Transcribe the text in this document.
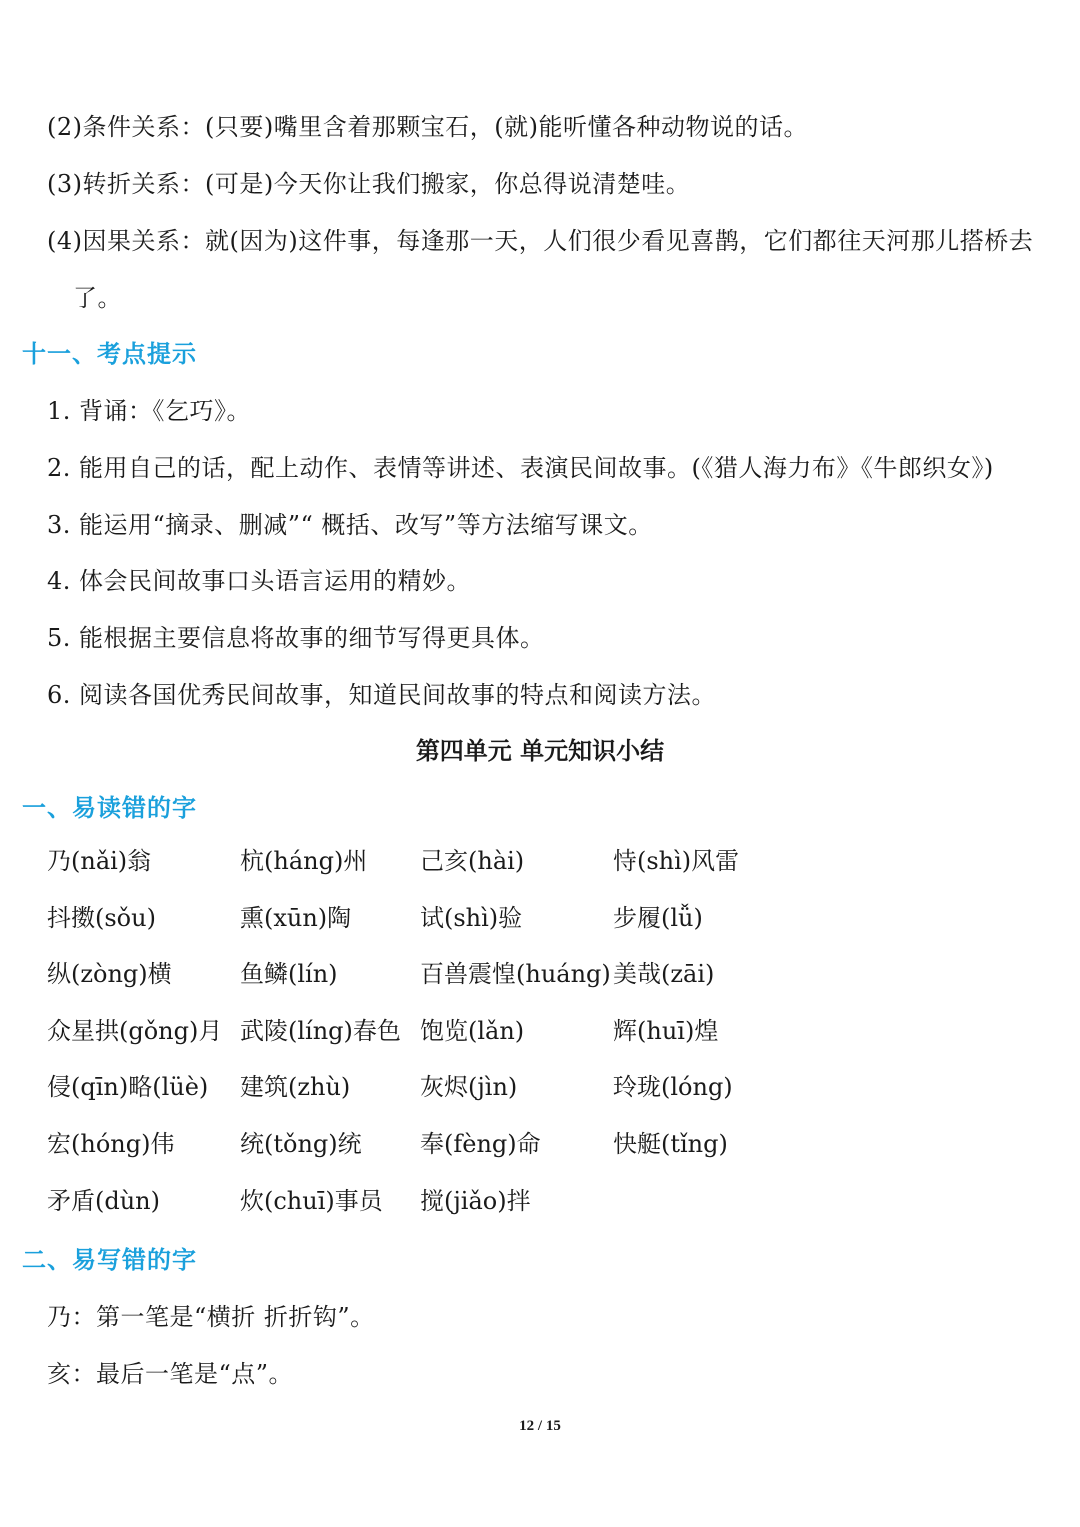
(2)条件关系：(只要)嘴里含着那颗宝石，(就)能听懂各种动物说的话。
(3)转折关系：(可是)今天你让我们搬家，你总得说清楚哇。
(4)因果关系：就(因为)这件事，每逢那一天，人们很少看见喜鹊，它们都往天河那儿搭桥去
了。
十一、考点提示
1. 背诵：《乞巧》。
2. 能用自己的话，配上动作、表情等讲述、表演民间故事。(《猎人海力布》《牛郎织女》)
3. 能运用“摘录、删减”“ 概括、改写”等方法缩写课文。
4. 体会民间故事口头语言运用的精妙。
5. 能根据主要信息将故事的细节写得更具体。
6. 阅读各国优秀民间故事，知道民间故事的特点和阅读方法。
第四单元 单元知识小结
一、易读错的字
乃(nǎi)翁	杭(háng)州 己亥(hài)	恃(shì)风雷
抖擞(sǒu)	熏(xūn)陶	试(shì)验	步履(lǚ)
纵(zòng)横	鱼鳞(lín)	百兽震惶(huáng) 美哉(zāi)
众星拱(gǒng)月 武陵(líng)春色 饱览(lǎn)	辉(huī)煌
侵(qīn)略(lüè) 建筑(zhù)	灰烬(jìn)	玲珑(lóng)
宏(hóng)伟	统(tǒng)统 奉(fèng)命	快艇(tǐng)
矛盾(dùn)	炊(chuī)事员 搅(jiǎo)拌
二、易写错的字
乃：第一笔是“横折 折折钩”。
亥：最后一笔是“点”。
12 / 15
